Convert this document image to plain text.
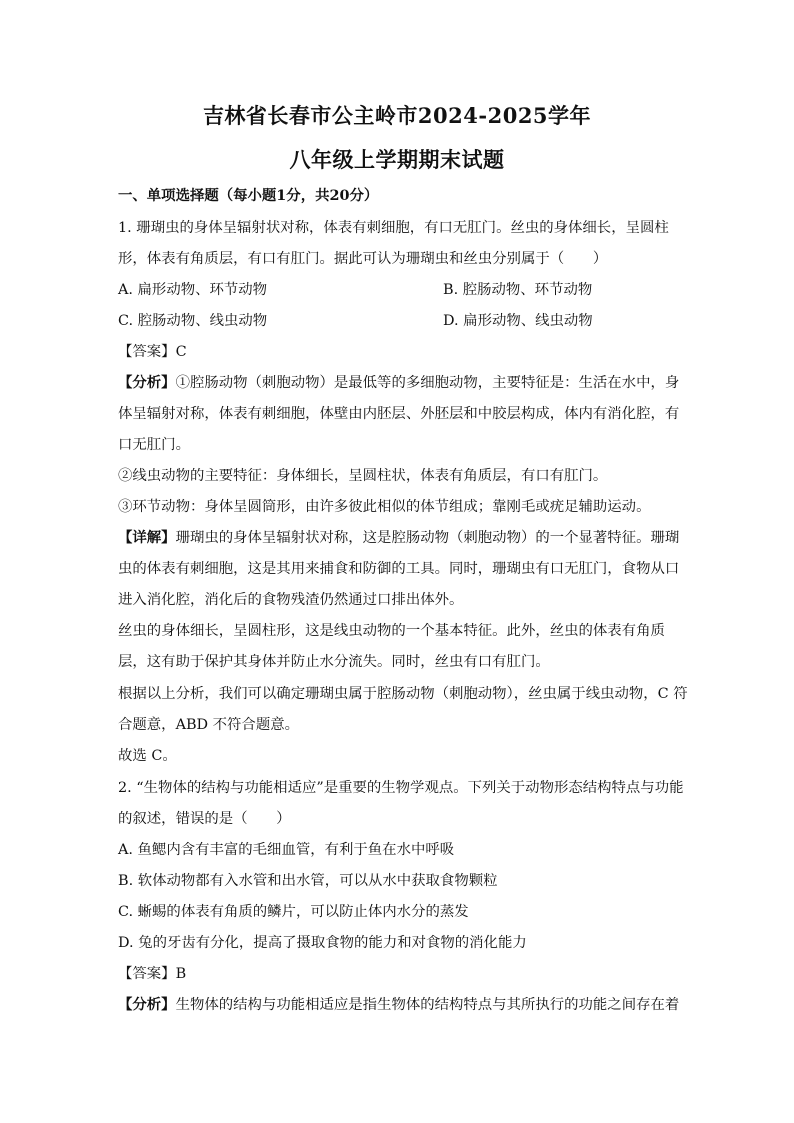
吉林省长春市公主岭市2024-2025学年
八年级上学期期末试题
一、单项选择题（每小题1分，共20分）
1. 珊瑚虫的身体呈辐射状对称，体表有刺细胞，有口无肛门。丝虫的身体细长，呈圆柱
形，体表有角质层，有口有肛门。据此可认为珊瑚虫和丝虫分别属于（　　）
A. 扁形动物、环节动物	B. 腔肠动物、环节动物
C. 腔肠动物、线虫动物	D. 扁形动物、线虫动物
【答案】C
【分析】①腔肠动物（刺胞动物）是最低等的多细胞动物，主要特征是：生活在水中，身
体呈辐射对称，体表有刺细胞，体壁由内胚层、外胚层和中胶层构成，体内有消化腔，有
口无肛门。
②线虫动物的主要特征：身体细长，呈圆柱状，体表有角质层，有口有肛门。
③环节动物：身体呈圆筒形，由许多彼此相似的体节组成；靠刚毛或疣足辅助运动。
【详解】珊瑚虫的身体呈辐射状对称，这是腔肠动物（刺胞动物）的一个显著特征。珊瑚
虫的体表有刺细胞，这是其用来捕食和防御的工具。同时，珊瑚虫有口无肛门，食物从口
进入消化腔，消化后的食物残渣仍然通过口排出体外。
丝虫的身体细长，呈圆柱形，这是线虫动物的一个基本特征。此外，丝虫的体表有角质
层，这有助于保护其身体并防止水分流失。同时，丝虫有口有肛门。
根据以上分析，我们可以确定珊瑚虫属于腔肠动物（刺胞动物），丝虫属于线虫动物，C 符
合题意，ABD 不符合题意。
故选 C。
2. “生物体的结构与功能相适应”是重要的生物学观点。下列关于动物形态结构特点与功能
的叙述，错误的是（　　）
A. 鱼鳃内含有丰富的毛细血管，有利于鱼在水中呼吸
B. 软体动物都有入水管和出水管，可以从水中获取食物颗粒
C. 蜥蜴的体表有角质的鳞片，可以防止体内水分的蒸发
D. 兔的牙齿有分化，提高了摄取食物的能力和对食物的消化能力
【答案】B
【分析】生物体的结构与功能相适应是指生物体的结构特点与其所执行的功能之间存在着
